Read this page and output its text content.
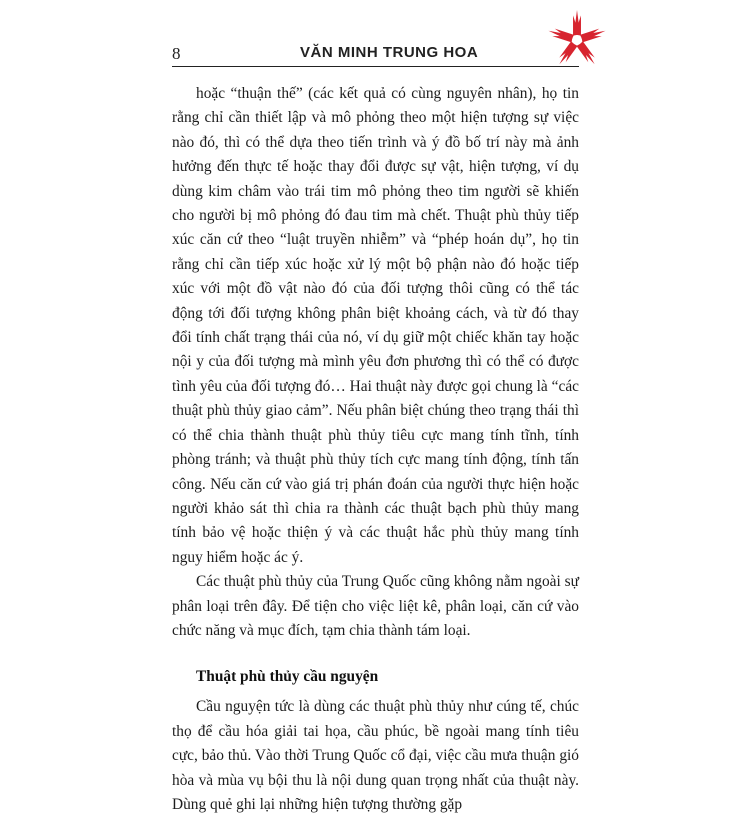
8	VĂN MINH TRUNG HOA

hoặc “thuận thế” (các kết quả có cùng nguyên nhân), họ tin rằng chỉ cần thiết lập và mô phỏng theo một hiện tượng sự việc nào đó, thì có thể dựa theo tiến trình và ý đồ bố trí này mà ảnh hưởng đến thực tế hoặc thay đổi được sự vật, hiện tượng, ví dụ dùng kim châm vào trái tim mô phỏng theo tim người sẽ khiến cho người bị mô phỏng đó đau tim mà chết. Thuật phù thủy tiếp xúc căn cứ theo “luật truyền nhiễm” và “phép hoán dụ”, họ tin rằng chỉ cần tiếp xúc hoặc xử lý một bộ phận nào đó hoặc tiếp xúc với một đồ vật nào đó của đối tượng thôi cũng có thể tác động tới đối tượng không phân biệt khoảng cách, và từ đó thay đổi tính chất trạng thái của nó, ví dụ giữ một chiếc khăn tay hoặc nội y của đối tượng mà mình yêu đơn phương thì có thể có được tình yêu của đối tượng đó… Hai thuật này được gọi chung là “các thuật phù thủy giao cảm”. Nếu phân biệt chúng theo trạng thái thì có thể chia thành thuật phù thủy tiêu cực mang tính tĩnh, tính phòng tránh; và thuật phù thủy tích cực mang tính động, tính tấn công. Nếu căn cứ vào giá trị phán đoán của người thực hiện hoặc người khảo sát thì chia ra thành các thuật bạch phù thủy mang tính bảo vệ hoặc thiện ý và các thuật hắc phù thủy mang tính nguy hiểm hoặc ác ý.

Các thuật phù thủy của Trung Quốc cũng không nằm ngoài sự phân loại trên đây. Để tiện cho việc liệt kê, phân loại, căn cứ vào chức năng và mục đích, tạm chia thành tám loại.

Thuật phù thủy cầu nguyện

Cầu nguyện tức là dùng các thuật phù thủy như cúng tế, chúc thọ để cầu hóa giải tai họa, cầu phúc, bề ngoài mang tính tiêu cực, bảo thủ. Vào thời Trung Quốc cổ đại, việc cầu mưa thuận gió hòa và mùa vụ bội thu là nội dung quan trọng nhất của thuật này. Dùng quẻ ghi lại những hiện tượng thường gặp
